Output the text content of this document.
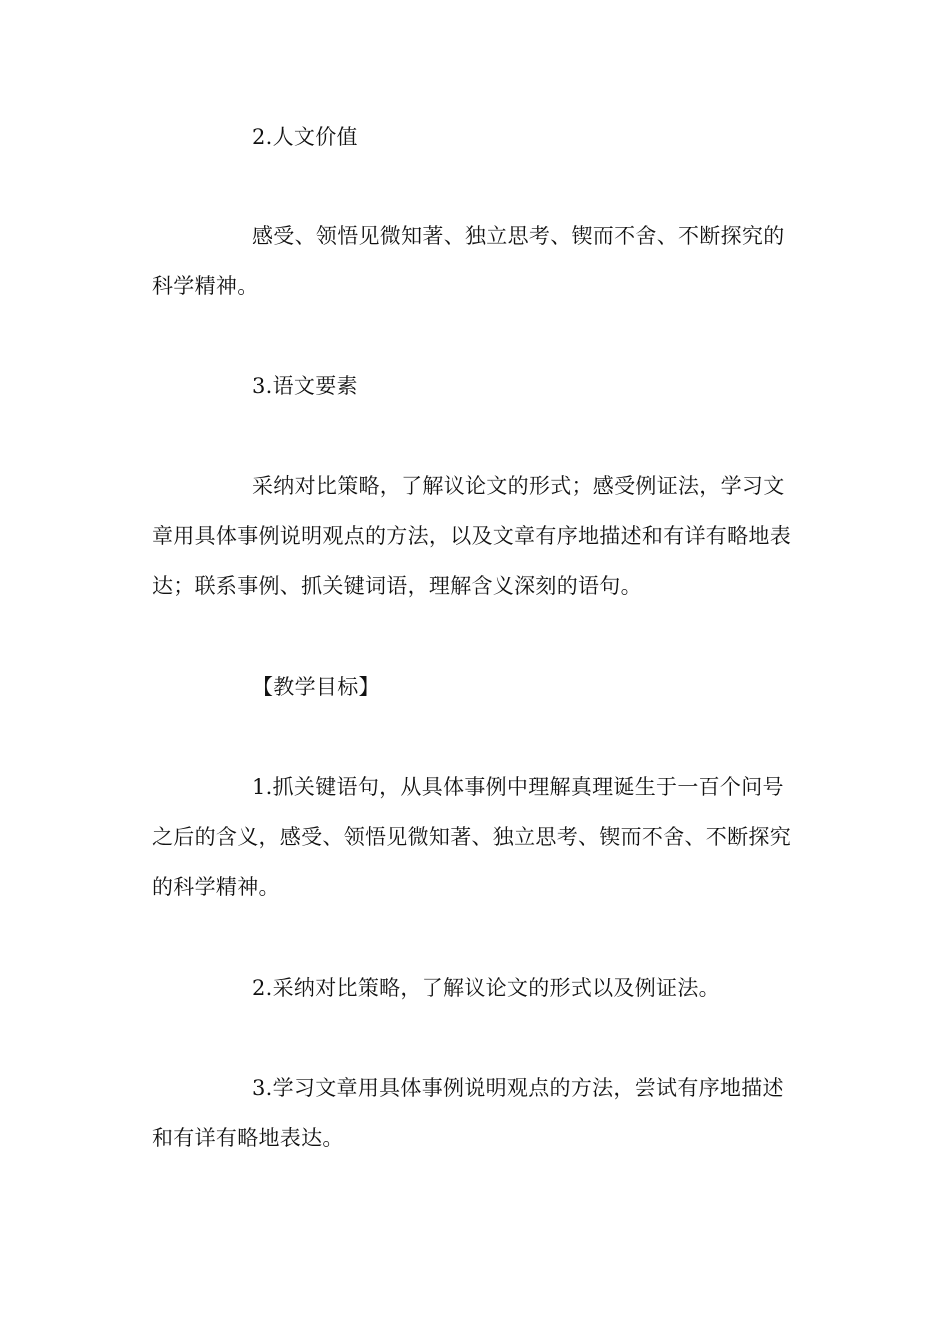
2.人文价值

感受、领悟见微知著、独立思考、锲而不舍、不断探究的科学精神。

3.语文要素

采纳对比策略，了解议论文的形式；感受例证法，学习文章用具体事例说明观点的方法，以及文章有序地描述和有详有略地表达；联系事例、抓关键词语，理解含义深刻的语句。

【教学目标】

1.抓关键语句，从具体事例中理解真理诞生于一百个问号之后的含义，感受、领悟见微知著、独立思考、锲而不舍、不断探究的科学精神。

2.采纳对比策略，了解议论文的形式以及例证法。

3.学习文章用具体事例说明观点的方法，尝试有序地描述和有详有略地表达。
